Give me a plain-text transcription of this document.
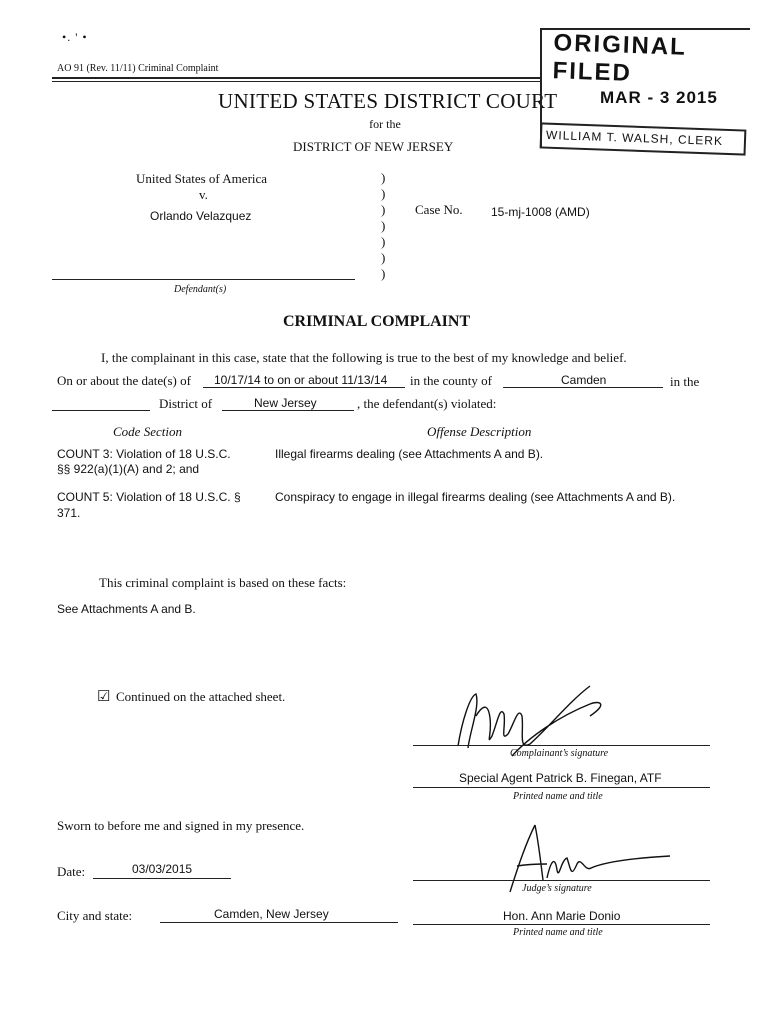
•. ' •
AO 91 (Rev. 11/11) Criminal Complaint
UNITED STATES DISTRICT COURT
for the
DISTRICT OF NEW JERSEY
ORIGINAL FILED
MAR - 3 2015
WILLIAM T. WALSH, CLERK
United States of America
v.
Orlando Velazquez
Defendant(s)
)
)
)
)
)
)
)
Case No. 15-mj-1008 (AMD)
CRIMINAL COMPLAINT
I, the complainant in this case, state that the following is true to the best of my knowledge and belief.
On or about the date(s) of 10/17/14 to on or about 11/13/14 in the county of	Camden	in the
District of	New Jersey	, the defendant(s) violated:
Code Section	Offense Description
COUNT 3: Violation of 18 U.S.C.
§§ 922(a)(1)(A) and 2; and
Illegal firearms dealing (see Attachments A and B).
COUNT 5: Violation of 18 U.S.C. §
371.
Conspiracy to engage in illegal firearms dealing (see Attachments A and B).
This criminal complaint is based on these facts:
See Attachments A and B.
☑ Continued on the attached sheet.
Complainant’s signature
Special Agent Patrick B. Finegan, ATF
Printed name and title
Sworn to before me and signed in my presence.
Date:	03/03/2015
Judge’s signature
City and state:	Camden, New Jersey	Hon. Ann Marie Donio
Printed name and title
